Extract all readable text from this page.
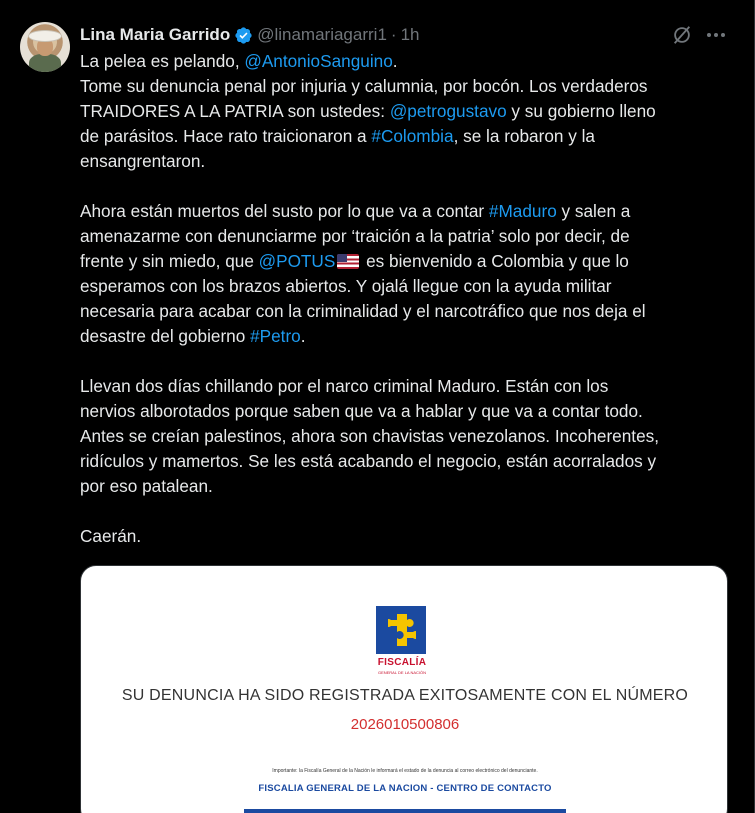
Lina Maria Garrido @linamariagarri1 · 1h
La pelea es pelando, @AntonioSanguino.
Tome su denuncia penal por injuria y calumnia, por bocón. Los verdaderos
TRAIDORES A LA PATRIA son ustedes: @petrogustavo y su gobierno lleno
de parásitos. Hace rato traicionaron a #Colombia, se la robaron y la
ensangrentaron.
Ahora están muertos del susto por lo que va a contar #Maduro y salen a
amenazarme con denunciarme por ‘traición a la patria’ solo por decir, de
frente y sin miedo, que @POTUS es bienvenido a Colombia y que lo
esperamos con los brazos abiertos. Y ojalá llegue con la ayuda militar
necesaria para acabar con la criminalidad y el narcotráfico que nos deja el
desastre del gobierno #Petro.
Llevan dos días chillando por el narco criminal Maduro. Están con los
nervios alborotados porque saben que va a hablar y que va a contar todo.
Antes se creían palestinos, ahora son chavistas venezolanos. Incoherentes,
ridículos y mamertos. Se les está acabando el negocio, están acorralados y
por eso patalean.
Caerán.
FISCALÍA
GENERAL DE LA NACIÓN
SU DENUNCIA HA SIDO REGISTRADA EXITOSAMENTE CON EL NÚMERO
2026010500806
Importante: la Fiscalía General de la Nación le informará el estado de la denuncia al correo electrónico del denunciante.
FISCALIA GENERAL DE LA NACION - CENTRO DE CONTACTO
